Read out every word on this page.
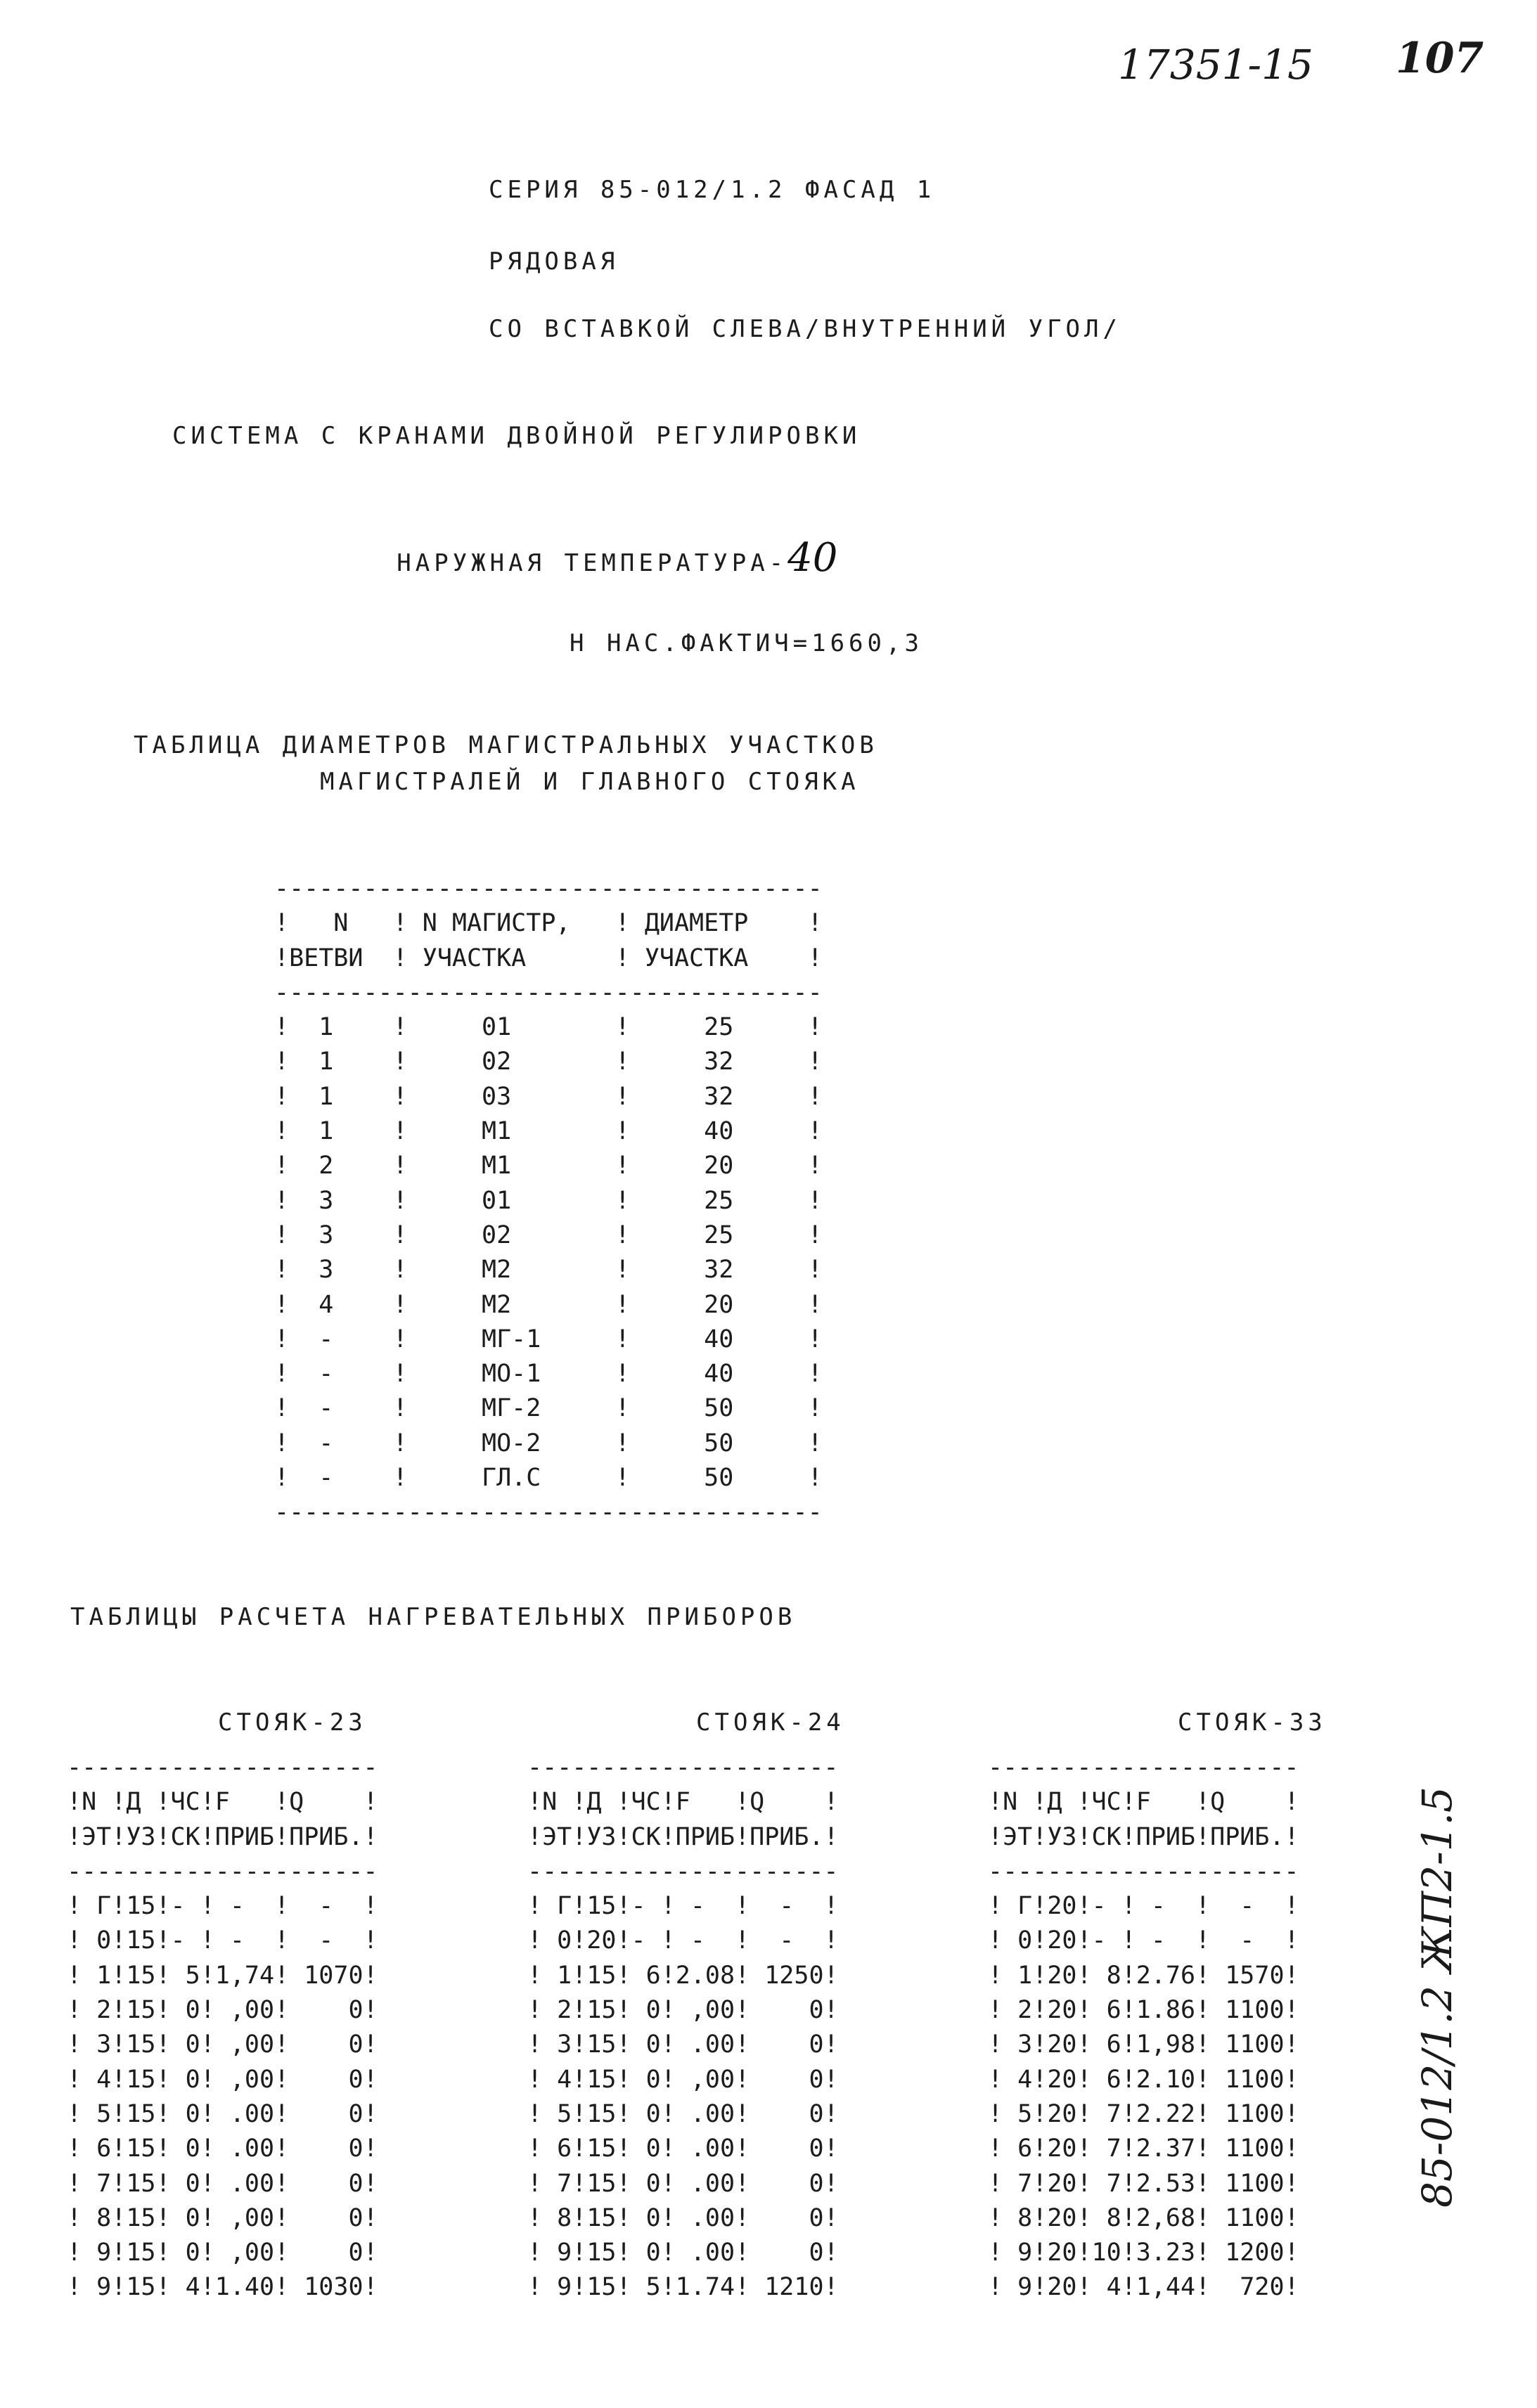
17351-15 107
СЕРИЯ 85-012/1.2 ФАСАД 1
РЯДОВАЯ
СО ВСТАВКОЙ СЛЕВА/ВНУТРЕННИЙ УГОЛ/
СИСТЕМА С КРАНАМИ ДВОЙНОЙ РЕГУЛИРОВКИ

НАРУЖНАЯ ТЕМПЕРАТУРА-40

Н НАС.ФАКТИЧ=1660,3
ТАБЛИЦА ДИАМЕТРОВ МАГИСТРАЛЬНЫХ УЧАСТКОВ
МАГИСТРАЛЕЙ И ГЛАВНОГО СТОЯКА
-------------------------------------
!   N   ! N МАГИСТР,   ! ДИАМЕТР    !
!ВЕТВИ  ! УЧАСТКА      ! УЧАСТКА    !
-------------------------------------
!  1    !     01       !     25     !
!  1    !     02       !     32     !
!  1    !     03       !     32     !
!  1    !     М1       !     40     !
!  2    !     М1       !     20     !
!  3    !     01       !     25     !
!  3    !     02       !     25     !
!  3    !     М2       !     32     !
!  4    !     М2       !     20     !
!  -    !     МГ-1     !     40     !
!  -    !     МО-1     !     40     !
!  -    !     МГ-2     !     50     !
!  -    !     МО-2     !     50     !
!  -    !     ГЛ.С     !     50     !
-------------------------------------
ТАБЛИЦЫ РАСЧЕТА НАГРЕВАТЕЛЬНЫХ ПРИБОРОВ
СТОЯК-23	СТОЯК-24	СТОЯК-33
---------------------
!N !Д !ЧС!F   !Q    !
!ЭТ!УЗ!СК!ПРИБ!ПРИБ.!
---------------------
! Г!15!- ! -  !  -  !
! 0!15!- ! -  !  -  !
! 1!15! 5!1,74! 1070!
! 2!15! 0! ,00!    0!
! 3!15! 0! ,00!    0!
! 4!15! 0! ,00!    0!
! 5!15! 0! .00!    0!
! 6!15! 0! .00!    0!
! 7!15! 0! .00!    0!
! 8!15! 0! ,00!    0!
! 9!15! 0! ,00!    0!
! 9!15! 4!1.40! 1030!

---------------------
!N !Д !ЧС!F   !Q    !
!ЭТ!УЗ!СК!ПРИБ!ПРИБ.!
---------------------
! Г!15!- ! -  !  -  !
! 0!20!- ! -  !  -  !
! 1!15! 6!2.08! 1250!
! 2!15! 0! ,00!    0!
! 3!15! 0! .00!    0!
! 4!15! 0! ,00!    0!
! 5!15! 0! .00!    0!
! 6!15! 0! .00!    0!
! 7!15! 0! .00!    0!
! 8!15! 0! .00!    0!
! 9!15! 0! .00!    0!
! 9!15! 5!1.74! 1210!

---------------------
!N !Д !ЧС!F   !Q    !
!ЭТ!УЗ!СК!ПРИБ!ПРИБ.!
---------------------
! Г!20!- ! -  !  -  !
! 0!20!- ! -  !  -  !
! 1!20! 8!2.76! 1570!
! 2!20! 6!1.86! 1100!
! 3!20! 6!1,98! 1100!
! 4!20! 6!2.10! 1100!
! 5!20! 7!2.22! 1100!
! 6!20! 7!2.37! 1100!
! 7!20! 7!2.53! 1100!
! 8!20! 8!2,68! 1100!
! 9!20!10!3.23! 1200!
! 9!20! 4!1,44!  720!

85-012/1.2 ЖП2-1.5
